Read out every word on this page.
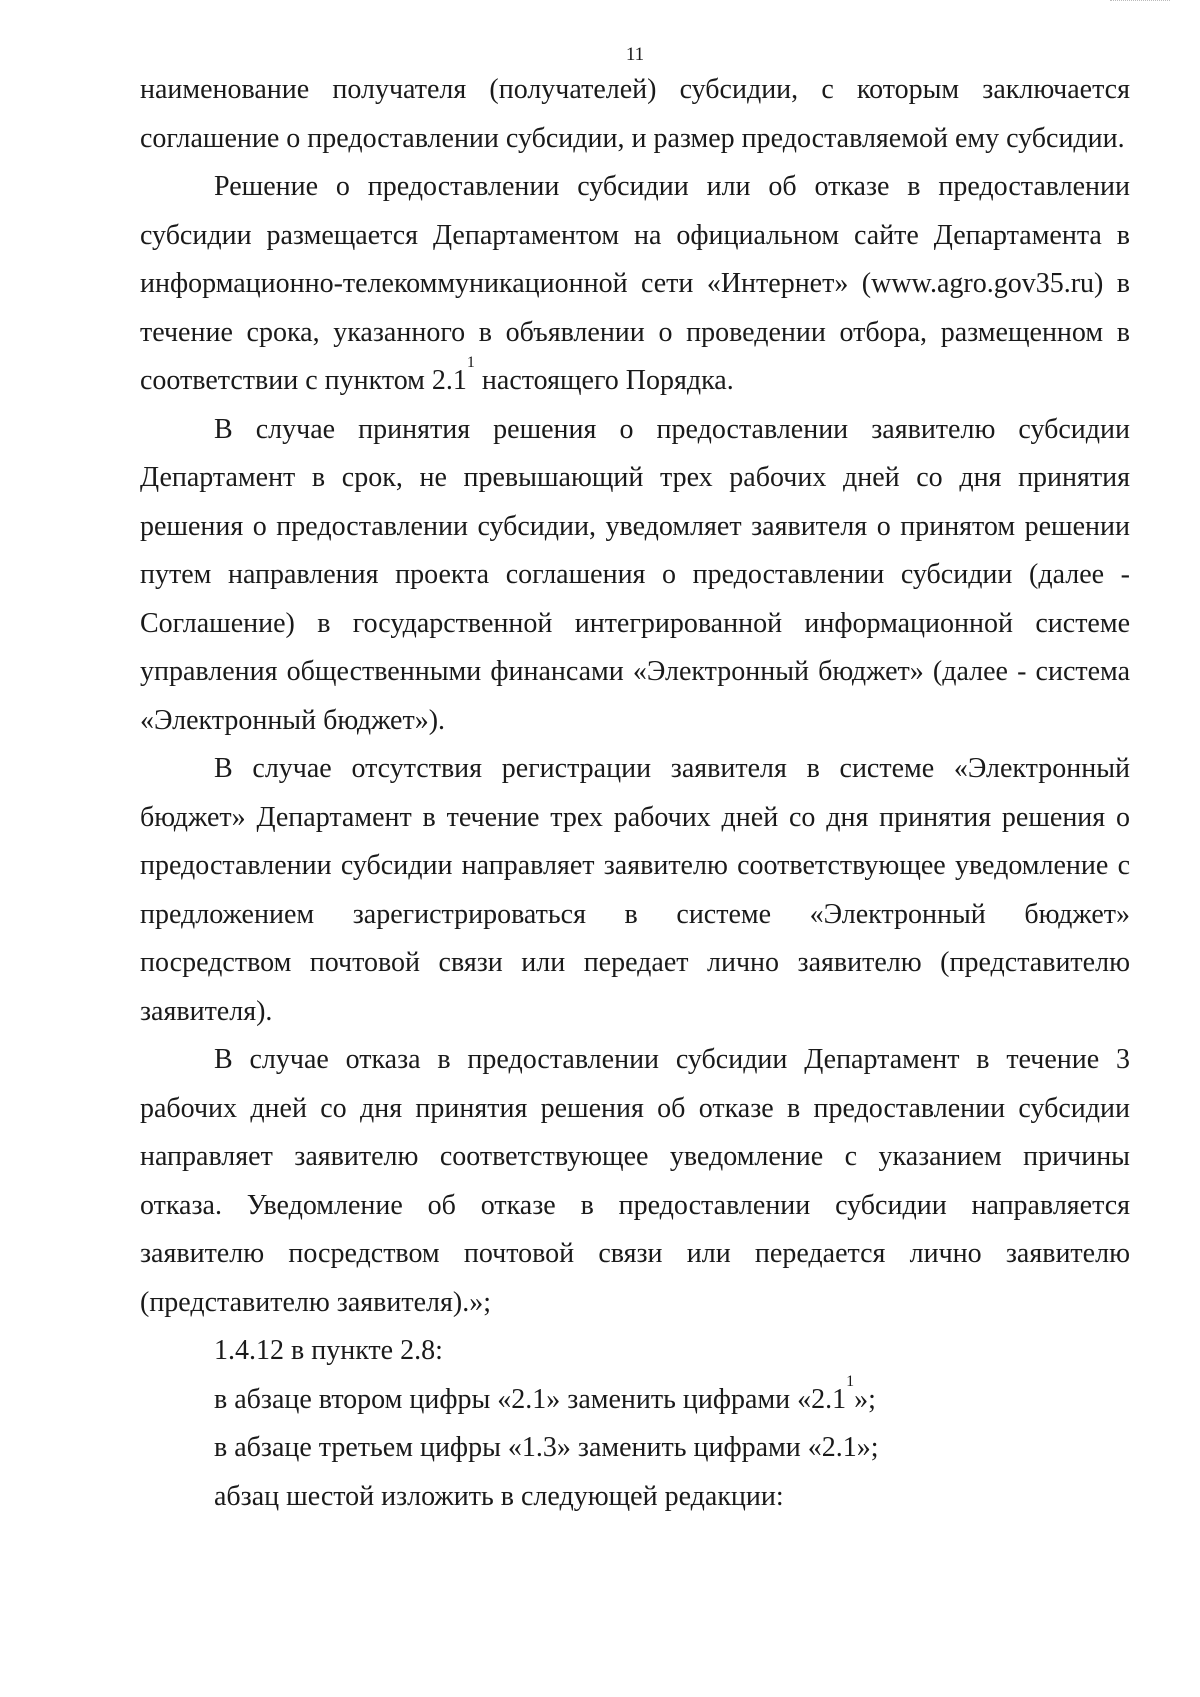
11

наименование получателя (получателей) субсидии, с которым заключается соглашение о предоставлении субсидии, и размер предоставляемой ему субсидии.

Решение о предоставлении субсидии или об отказе в предоставлении субсидии размещается Департаментом на официальном сайте Департамента в информационно-телекоммуникационной сети «Интернет» (www.agro.gov35.ru) в течение срока, указанного в объявлении о проведении отбора, размещенном в соответствии с пунктом $2.1^1$ настоящего Порядка.

В случае принятия решения о предоставлении заявителю субсидии Департамент в срок, не превышающий трех рабочих дней со дня принятия решения о предоставлении субсидии, уведомляет заявителя о принятом решении путем направления проекта соглашения о предоставлении субсидии (далее - Соглашение) в государственной интегрированной информационной системе управления общественными финансами «Электронный бюджет» (далее - система «Электронный бюджет»).

В случае отсутствия регистрации заявителя в системе «Электронный бюджет» Департамент в течение трех рабочих дней со дня принятия решения о предоставлении субсидии направляет заявителю соответствующее уведомление с предложением зарегистрироваться в системе «Электронный бюджет» посредством почтовой связи или передает лично заявителю (представителю заявителя).

В случае отказа в предоставлении субсидии Департамент в течение 3 рабочих дней со дня принятия решения об отказе в предоставлении субсидии направляет заявителю соответствующее уведомление с указанием причины отказа. Уведомление об отказе в предоставлении субсидии направляется заявителю посредством почтовой связи или передается лично заявителю (представителю заявителя).»;

1.4.12 в пункте 2.8:

в абзаце втором цифры «2.1» заменить цифрами «$2.1^1$»;

в абзаце третьем цифры «1.3» заменить цифрами «2.1»;

абзац шестой изложить в следующей редакции:
